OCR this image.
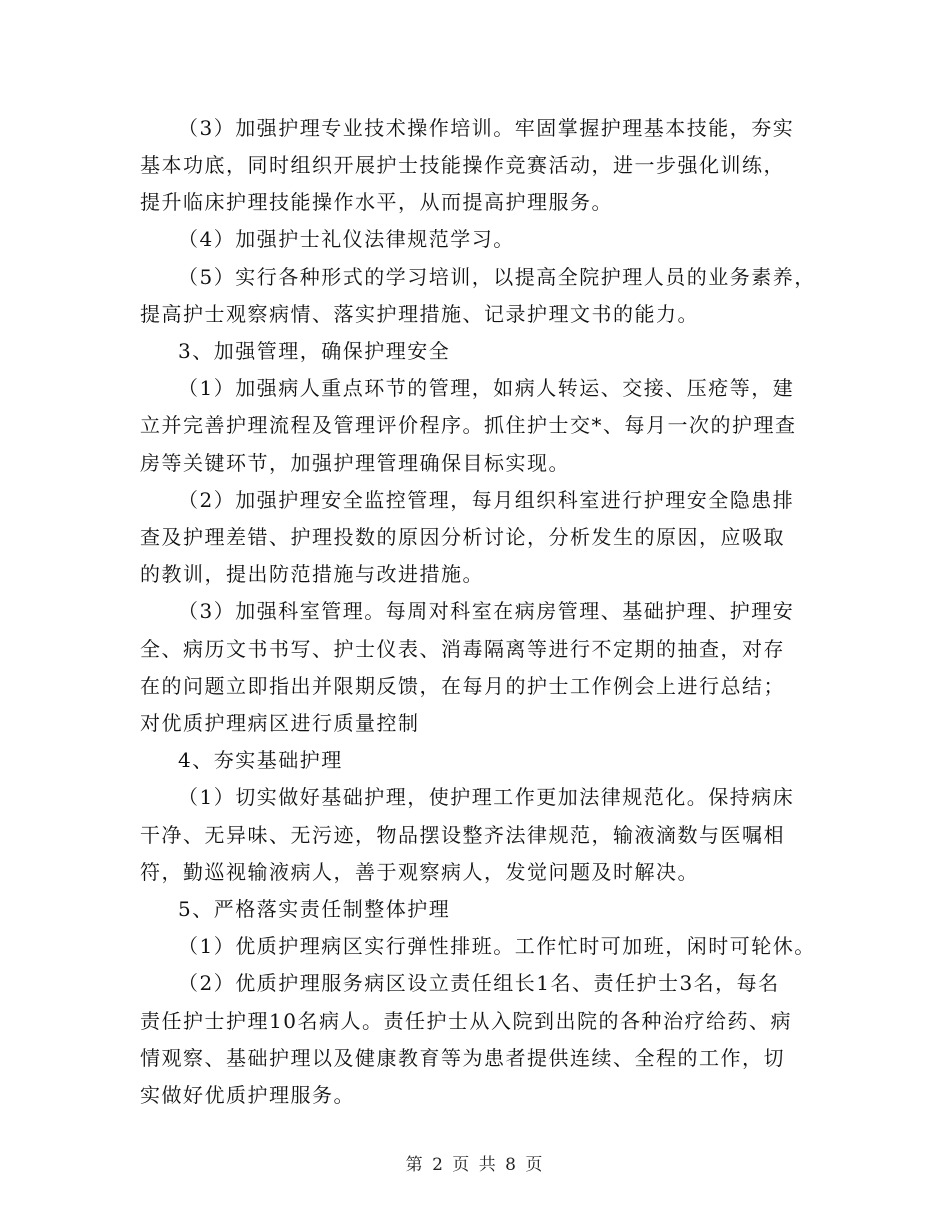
（3）加强护理专业技术操作培训。牢固掌握护理基本技能，夯实
基本功底，同时组织开展护士技能操作竞赛活动，进一步强化训练，
提升临床护理技能操作水平，从而提高护理服务。
（4）加强护士礼仪法律规范学习。
（5）实行各种形式的学习培训，以提高全院护理人员的业务素养，
提高护士观察病情、落实护理措施、记录护理文书的能力。
3、加强管理，确保护理安全
（1）加强病人重点环节的管理，如病人转运、交接、压疮等，建
立并完善护理流程及管理评价程序。抓住护士交*、每月一次的护理查
房等关键环节，加强护理管理确保目标实现。
（2）加强护理安全监控管理，每月组织科室进行护理安全隐患排
查及护理差错、护理投数的原因分析讨论，分析发生的原因，应吸取
的教训，提出防范措施与改进措施。
（3）加强科室管理。每周对科室在病房管理、基础护理、护理安
全、病历文书书写、护士仪表、消毒隔离等进行不定期的抽查，对存
在的问题立即指出并限期反馈，在每月的护士工作例会上进行总结；
对优质护理病区进行质量控制
4、夯实基础护理
（1）切实做好基础护理，使护理工作更加法律规范化。保持病床
干净、无异味、无污迹，物品摆设整齐法律规范，输液滴数与医嘱相
符，勤巡视输液病人，善于观察病人，发觉问题及时解决。
5、严格落实责任制整体护理
（1）优质护理病区实行弹性排班。工作忙时可加班，闲时可轮休。
（2）优质护理服务病区设立责任组长1名、责任护士3名，每名
责任护士护理10名病人。责任护士从入院到出院的各种治疗给药、病
情观察、基础护理以及健康教育等为患者提供连续、全程的工作，切
实做好优质护理服务。
第 2 页 共 8 页
